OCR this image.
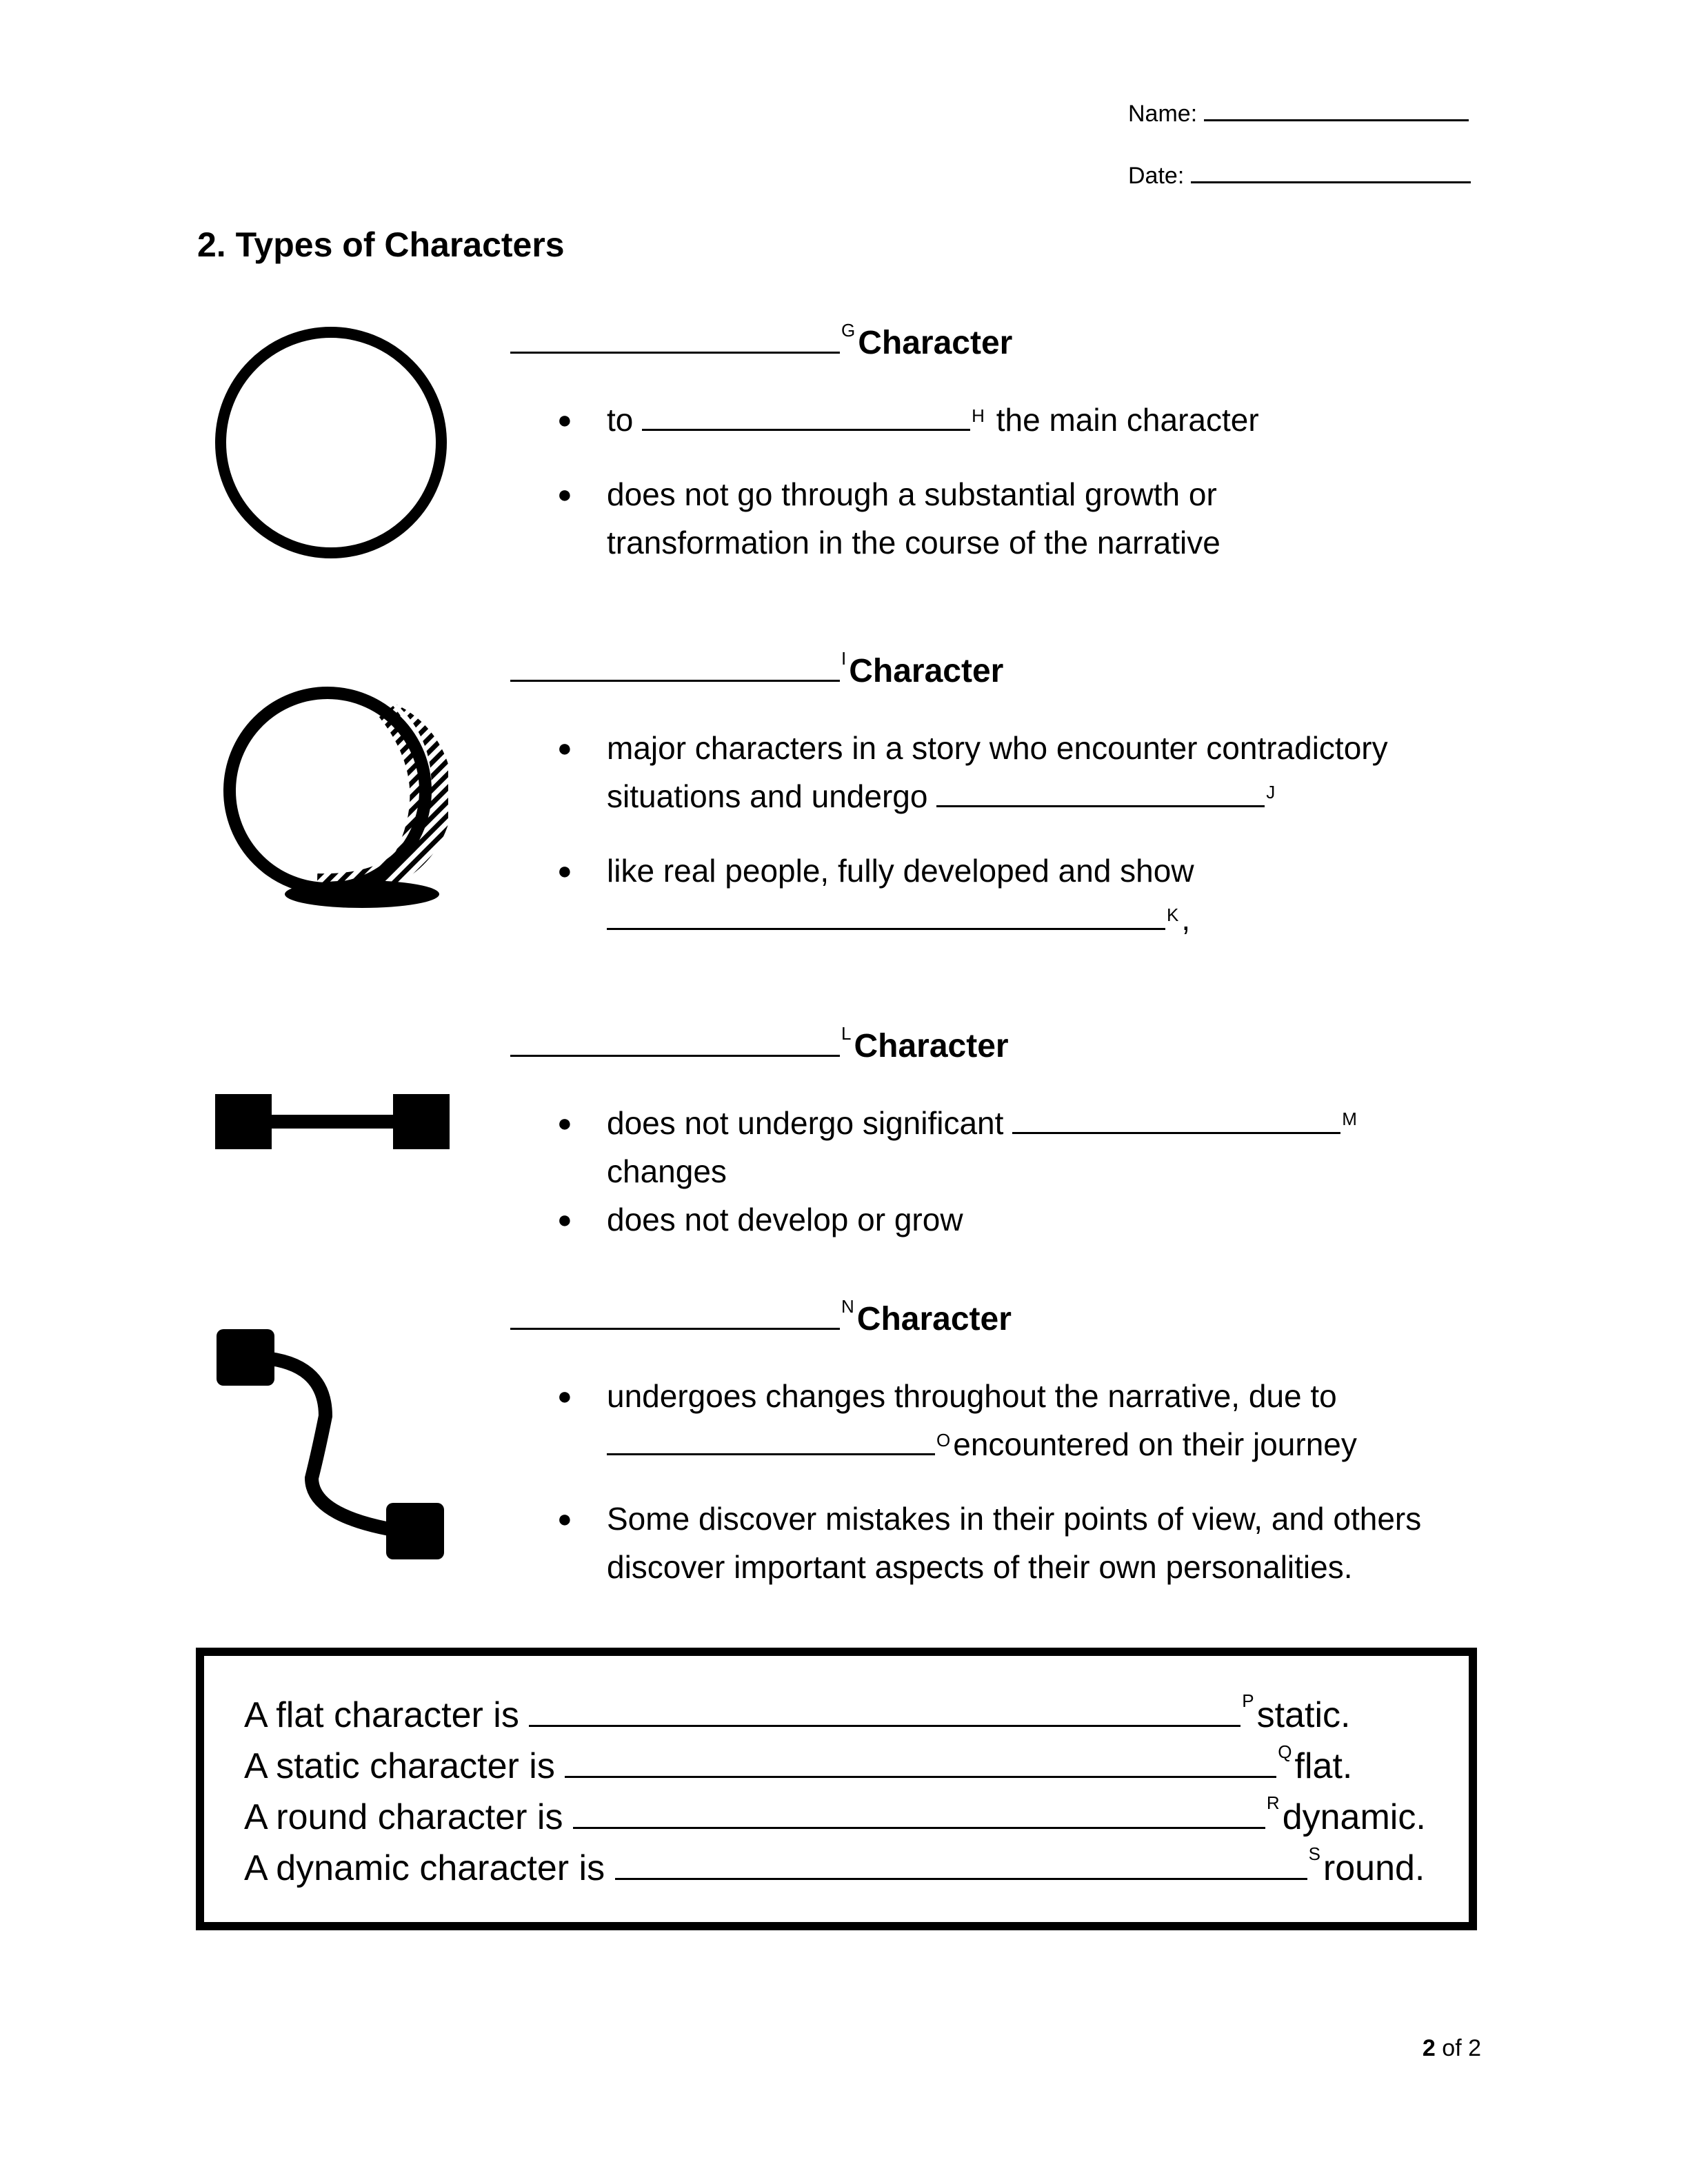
Name:
Date:
2. Types of Characters
$^G$Character
● to	$^H$ the main character
● does not go through a substantial growth or
transformation in the course of the narrative
$^I$Character
● major characters in a story who encounter contradictory
situations and undergo	$^J$
● like real people, fully developed and show
$^K$,
$^L$Character
● does not undergo significant	$^M$
changes
● does not develop or grow
$^N$Character
● undergoes changes throughout the narrative, due to
$^O$encountered on their journey
● Some discover mistakes in their points of view, and others
discover important aspects of their own personalities.
A flat character is	$^P$static.
A static character is	$^Q$flat.
A round character is	$^R$dynamic.
A dynamic character is	$^S$round.
2 of 2
